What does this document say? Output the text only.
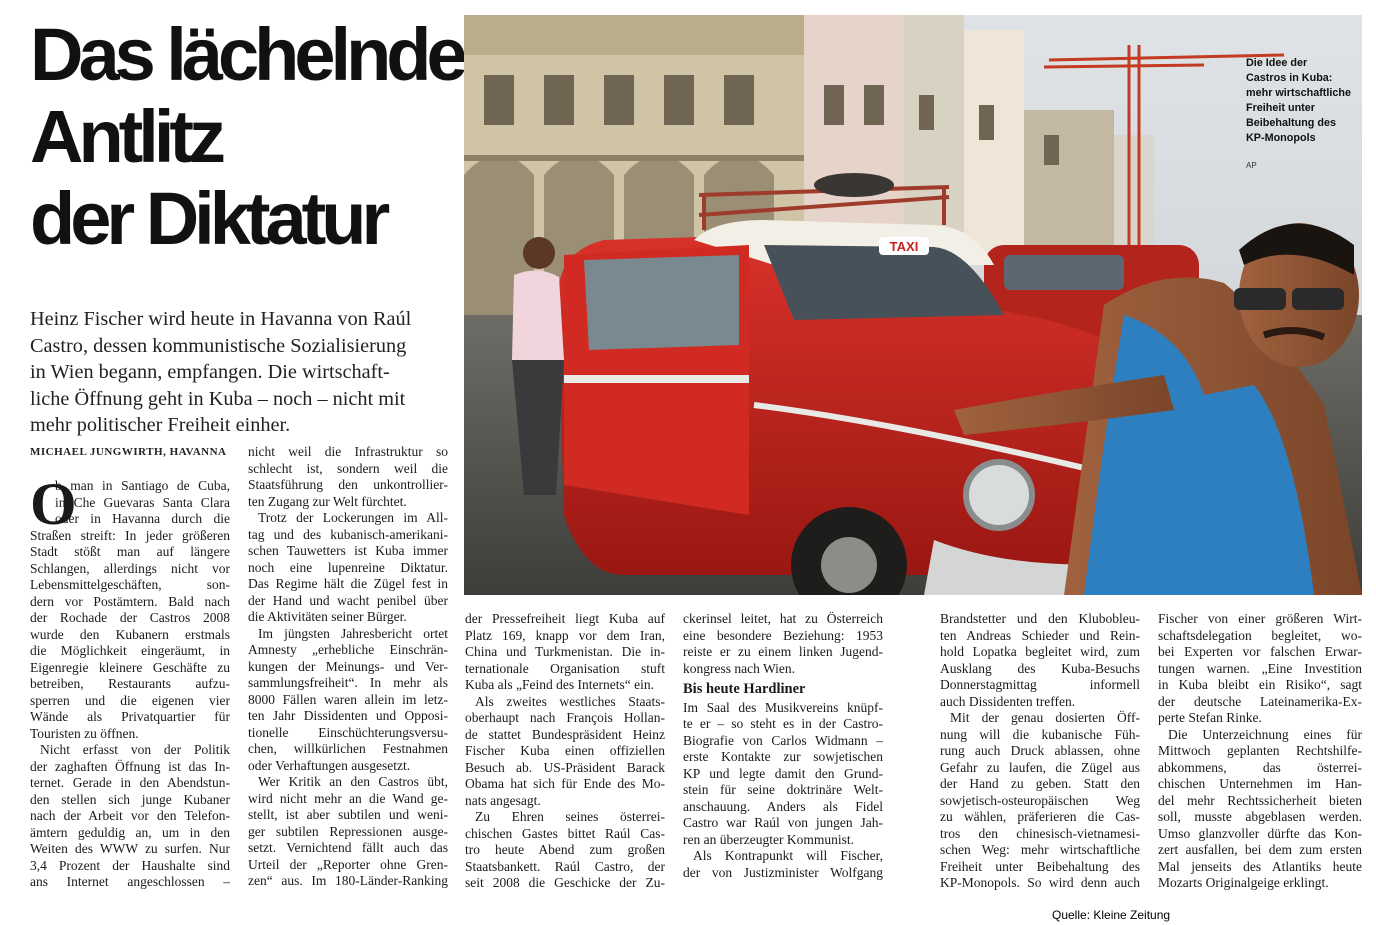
Das lächelnde
Antlitz
der Diktatur
Heinz Fischer wird heute in Havanna von Raúl
Castro, dessen kommunistische Sozialisierung
in Wien begann, empfangen. Die wirtschaft-
liche Öffnung geht in Kuba – noch – nicht mit
mehr politischer Freiheit einher.
MICHAEL JUNGWIRTH, HAVANNA
TAXI
Die Idee der
Castros in Kuba:
mehr wirtschaftliche
Freiheit unter
Beibehaltung des
KP-Monopols
AP
O
b man in Santiago de Cuba,
in Che Guevaras Santa Clara
oder in Havanna durch die
Straßen streift: In jeder größeren
Stadt stößt man auf längere
Schlangen, allerdings nicht vor
Lebensmittelgeschäften, son-
dern vor Postämtern. Bald nach
der Rochade der Castros 2008
wurde den Kubanern erstmals
die Möglichkeit eingeräumt, in
Eigenregie kleinere Geschäfte zu
betreiben, Restaurants aufzu-
sperren und die eigenen vier
Wände als Privatquartier für
Touristen zu öffnen.
Nicht erfasst von der Politik
der zaghaften Öffnung ist das In-
ternet. Gerade in den Abendstun-
den stellen sich junge Kubaner
nach der Arbeit vor den Telefon-
ämtern geduldig an, um in den
Weiten des WWW zu surfen. Nur
3,4 Prozent der Haushalte sind
ans Internet angeschlossen –
nicht weil die Infrastruktur so
schlecht ist, sondern weil die
Staatsführung den unkontrollier-
ten Zugang zur Welt fürchtet.
Trotz der Lockerungen im All-
tag und des kubanisch-amerikani-
schen Tauwetters ist Kuba immer
noch eine lupenreine Diktatur.
Das Regime hält die Zügel fest in
der Hand und wacht penibel über
die Aktivitäten seiner Bürger.
Im jüngsten Jahresbericht ortet
Amnesty „erhebliche Einschrän-
kungen der Meinungs- und Ver-
sammlungsfreiheit“. In mehr als
8000 Fällen waren allein im letz-
ten Jahr Dissidenten und Opposi-
tionelle Einschüchterungsversu-
chen, willkürlichen Festnahmen
oder Verhaftungen ausgesetzt.
Wer Kritik an den Castros übt,
wird nicht mehr an die Wand ge-
stellt, ist aber subtilen und weni-
ger subtilen Repressionen ausge-
setzt. Vernichtend fällt auch das
Urteil der „Reporter ohne Gren-
zen“ aus. Im 180-Länder-Ranking
der Pressefreiheit liegt Kuba auf
Platz 169, knapp vor dem Iran,
China und Turkmenistan. Die in-
ternationale Organisation stuft
Kuba als „Feind des Internets“ ein.
Als zweites westliches Staats-
oberhaupt nach François Hollan-
de stattet Bundespräsident Heinz
Fischer Kuba einen offiziellen
Besuch ab. US-Präsident Barack
Obama hat sich für Ende des Mo-
nats angesagt.
Zu Ehren seines österrei-
chischen Gastes bittet Raúl Cas-
tro heute Abend zum großen
Staatsbankett. Raúl Castro, der
seit 2008 die Geschicke der Zu-
ckerinsel leitet, hat zu Österreich
eine besondere Beziehung: 1953
reiste er zu einem linken Jugend-
kongress nach Wien.
Bis heute Hardliner
Im Saal des Musikvereins knüpf-
te er – so steht es in der Castro-
Biografie von Carlos Widmann –
erste Kontakte zur sowjetischen
KP und legte damit den Grund-
stein für seine doktrinäre Welt-
anschauung. Anders als Fidel
Castro war Raúl von jungen Jah-
ren an überzeugter Kommunist.
Als Kontrapunkt will Fischer,
der von Justizminister Wolfgang
Brandstetter und den Klubobleu-
ten Andreas Schieder und Rein-
hold Lopatka begleitet wird, zum
Ausklang des Kuba-Besuchs
Donnerstagmittag informell
auch Dissidenten treffen.
Mit der genau dosierten Öff-
nung will die kubanische Füh-
rung auch Druck ablassen, ohne
Gefahr zu laufen, die Zügel aus
der Hand zu geben. Statt den
sowjetisch-osteuropäischen Weg
zu wählen, präferieren die Cas-
tros den chinesisch-vietnamesi-
schen Weg: mehr wirtschaftliche
Freiheit unter Beibehaltung des
KP-Monopols. So wird denn auch
Fischer von einer größeren Wirt-
schaftsdelegation begleitet, wo-
bei Experten vor falschen Erwar-
tungen warnen. „Eine Investition
in Kuba bleibt ein Risiko“, sagt
der deutsche Lateinamerika-Ex-
perte Stefan Rinke.
Die Unterzeichnung eines für
Mittwoch geplanten Rechtshilfe-
abkommens, das österrei-
chischen Unternehmen im Han-
del mehr Rechtssicherheit bieten
soll, musste abgeblasen werden.
Umso glanzvoller dürfte das Kon-
zert ausfallen, bei dem zum ersten
Mal jenseits des Atlantiks heute
Mozarts Originalgeige erklingt.
Quelle: Kleine Zeitung
